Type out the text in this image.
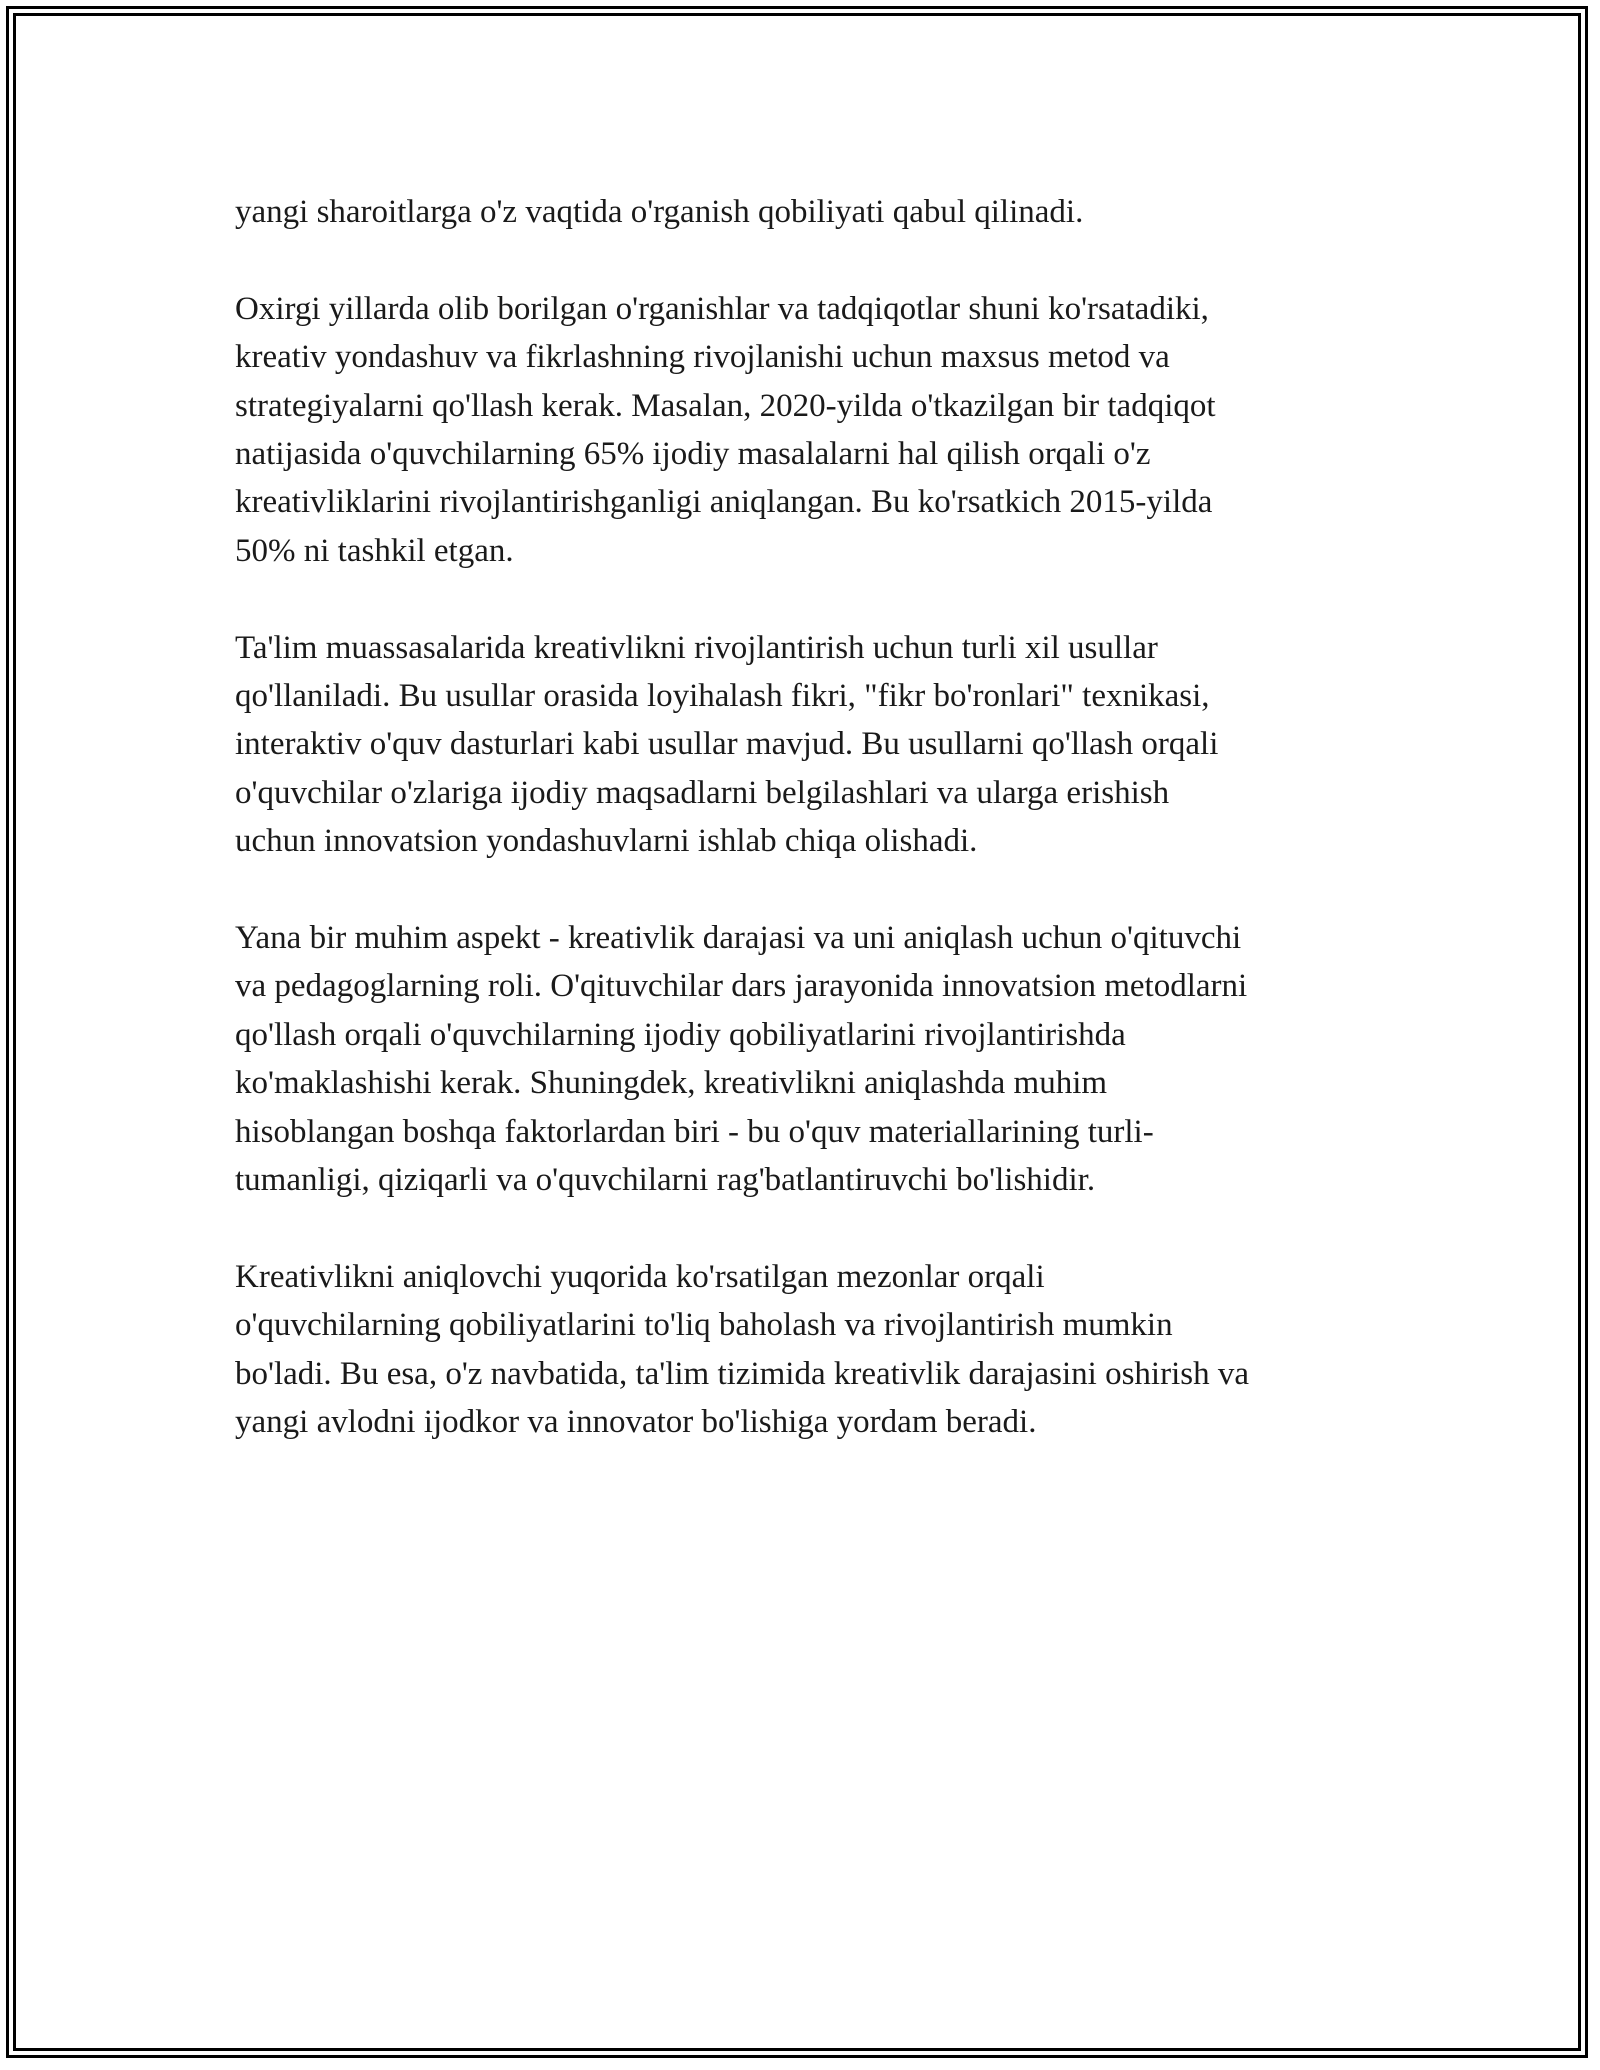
yangi sharoitlarga o'z vaqtida o'rganish qobiliyati qabul qilinadi.

Oxirgi yillarda olib borilgan o'rganishlar va tadqiqotlar shuni ko'rsatadiki,
kreativ yondashuv va fikrlashning rivojlanishi uchun maxsus metod va
strategiyalarni qo'llash kerak. Masalan, 2020-yilda o'tkazilgan bir tadqiqot
natijasida o'quvchilarning 65% ijodiy masalalarni hal qilish orqali o'z
kreativliklarini rivojlantirishganligi aniqlangan. Bu ko'rsatkich 2015-yilda
50% ni tashkil etgan.

Ta'lim muassasalarida kreativlikni rivojlantirish uchun turli xil usullar
qo'llaniladi. Bu usullar orasida loyihalash fikri, "fikr bo'ronlari" texnikasi,
interaktiv o'quv dasturlari kabi usullar mavjud. Bu usullarni qo'llash orqali
o'quvchilar o'zlariga ijodiy maqsadlarni belgilashlari va ularga erishish
uchun innovatsion yondashuvlarni ishlab chiqa olishadi.

Yana bir muhim aspekt - kreativlik darajasi va uni aniqlash uchun o'qituvchi
va pedagoglarning roli. O'qituvchilar dars jarayonida innovatsion metodlarni
qo'llash orqali o'quvchilarning ijodiy qobiliyatlarini rivojlantirishda
ko'maklashishi kerak. Shuningdek, kreativlikni aniqlashda muhim
hisoblangan boshqa faktorlardan biri - bu o'quv materiallarining turli-
tumanligi, qiziqarli va o'quvchilarni rag'batlantiruvchi bo'lishidir.

Kreativlikni aniqlovchi yuqorida ko'rsatilgan mezonlar orqali
o'quvchilarning qobiliyatlarini to'liq baholash va rivojlantirish mumkin
bo'ladi. Bu esa, o'z navbatida, ta'lim tizimida kreativlik darajasini oshirish va
yangi avlodni ijodkor va innovator bo'lishiga yordam beradi.
